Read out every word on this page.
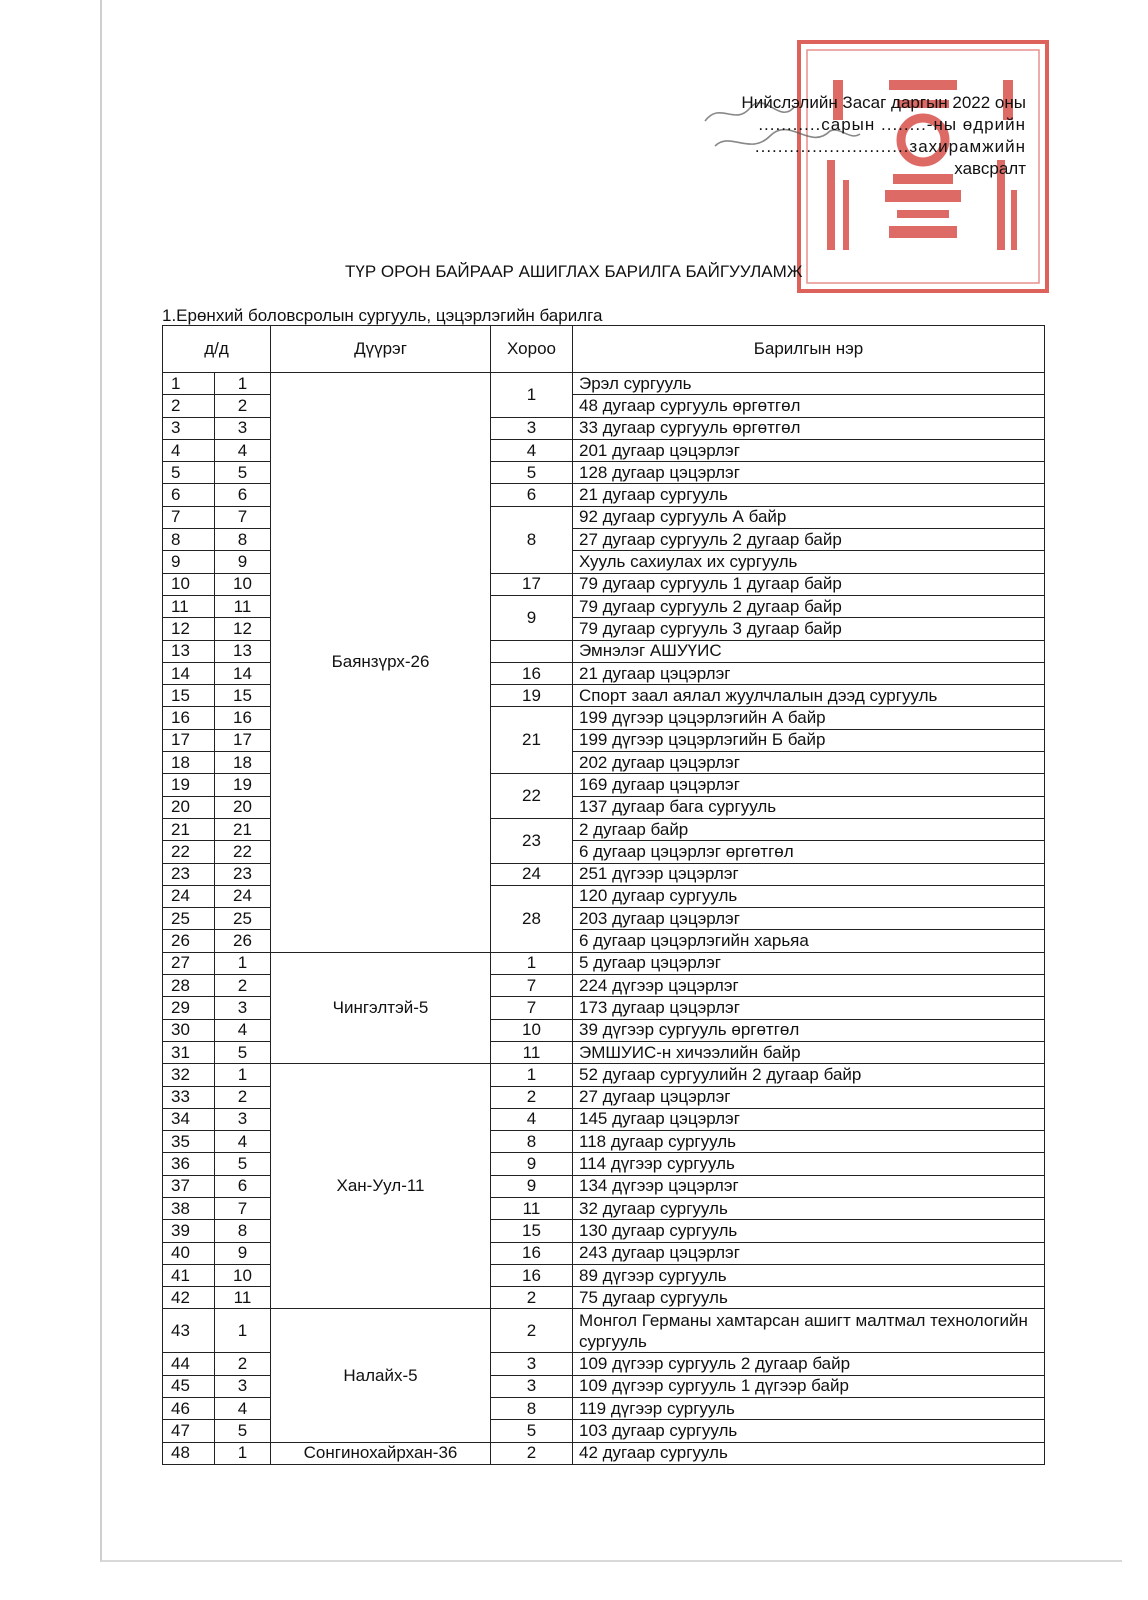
Нийслэлийн Засаг даргын 2022 оны
...........сарын ........-ны өдрийн
...........................захирамжийн
хавсралт
ТҮР ОРОН БАЙРААР АШИГЛАХ БАРИЛГА БАЙГУУЛАМЖ
1.Ерөнхий боловсролын сургууль, цэцэрлэгийн барилга
д/д		Дүүрэг	Хороо	Барилгын нэр
1	1	Баянзүрх-26	1	Эрэл сургууль
2	2			48 дугаар сургууль өргөтгөл
3	3		3	33 дугаар сургууль өргөтгөл
4	4		4	201 дугаар цэцэрлэг
5	5		5	128 дугаар цэцэрлэг
6	6		6	21 дугаар сургууль
7	7		8	92 дугаар сургууль А байр
8	8			27 дугаар сургууль 2 дугаар байр
9	9			Хууль сахиулах их сургууль
10	10		17	79 дугаар сургууль 1 дугаар байр
11	11		9	79 дугаар сургууль 2 дугаар байр
12	12			79 дугаар сургууль 3 дугаар байр
13	13			Эмнэлэг АШУҮИС
14	14		16	21 дугаар цэцэрлэг
15	15		19	Спорт заал аялал жуулчлалын дээд сургууль
16	16		21	199 дүгээр цэцэрлэгийн А байр
17	17			199 дүгээр цэцэрлэгийн Б байр
18	18			202 дугаар цэцэрлэг
19	19		22	169 дугаар цэцэрлэг
20	20			137 дугаар бага сургууль
21	21		23	2 дугаар байр
22	22			6 дугаар цэцэрлэг өргөтгөл
23	23		24	251 дүгээр цэцэрлэг
24	24		28	120 дугаар сургууль
25	25			203 дугаар цэцэрлэг
26	26			6 дугаар цэцэрлэгийн харьяа
27	1	Чингэлтэй-5	1	5 дугаар цэцэрлэг
28	2		7	224 дүгээр цэцэрлэг
29	3		7	173 дугаар цэцэрлэг
30	4		10	39 дүгээр сургууль өргөтгөл
31	5		11	ЭМШУИС-н хичээлийн байр
32	1	Хан-Уул-11	1	52 дугаар сургуулийн 2 дугаар байр
33	2		2	27 дугаар цэцэрлэг
34	3		4	145 дугаар цэцэрлэг
35	4		8	118 дугаар сургууль
36	5		9	114 дүгээр сургууль
37	6		9	134 дүгээр цэцэрлэг
38	7		11	32 дугаар сургууль
39	8		15	130 дугаар сургууль
40	9		16	243 дугаар цэцэрлэг
41	10		16	89 дүгээр сургууль
42	11		2	75 дугаар сургууль
43	1	Налайх-5	2	Монгол Германы хамтарсан ашигт малтмал технологийн сургууль
44	2		3	109 дүгээр сургууль 2 дугаар байр
45	3		3	109 дүгээр сургууль 1 дүгээр байр
46	4		8	119 дүгээр сургууль
47	5		5	103 дугаар сургууль
48	1	Сонгинохайрхан-36	2	42 дугаар сургууль
